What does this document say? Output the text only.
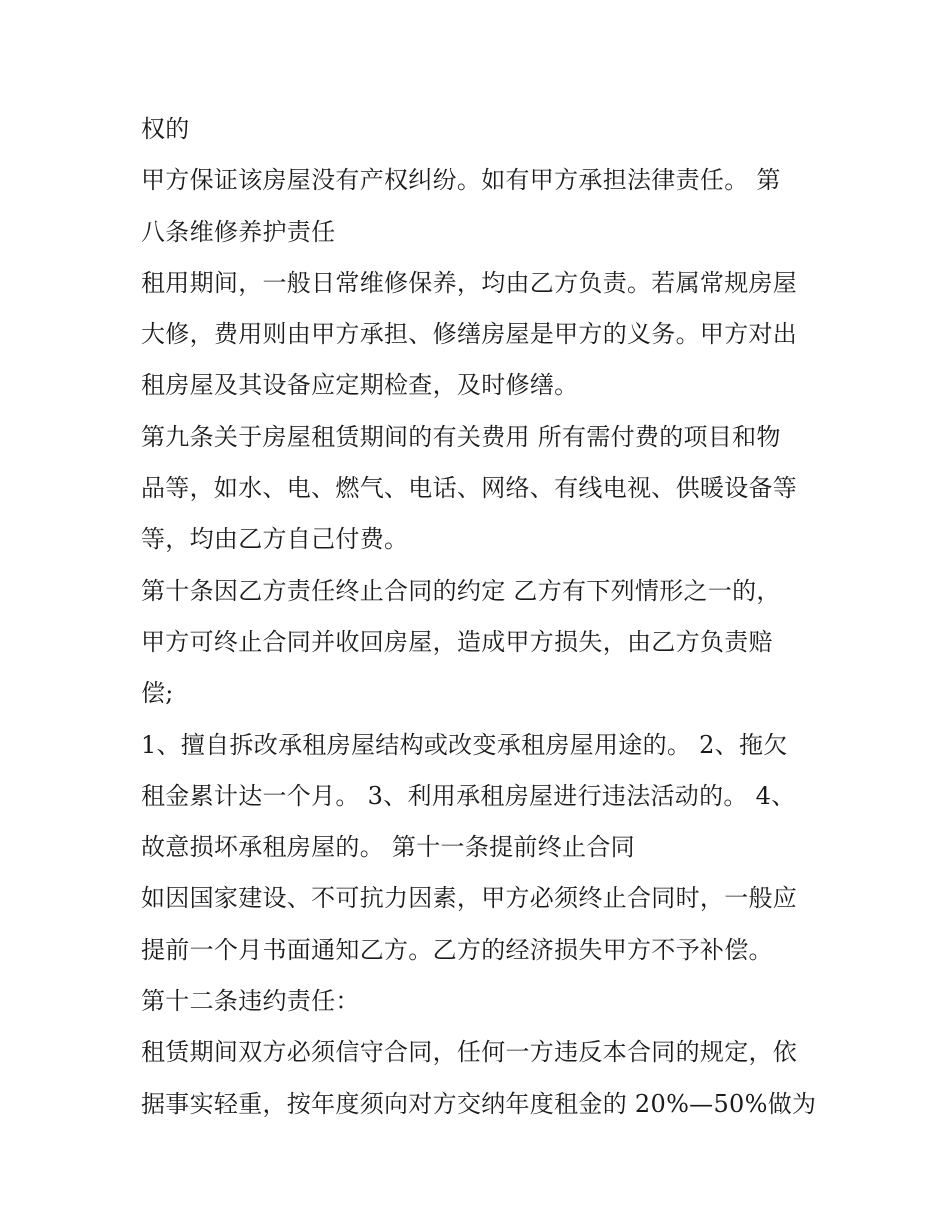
权的
甲方保证该房屋没有产权纠纷。如有甲方承担法律责任。 第
八条维修养护责任
租用期间，一般日常维修保养，均由乙方负责。若属常规房屋
大修，费用则由甲方承担、修缮房屋是甲方的义务。甲方对出
租房屋及其设备应定期检查，及时修缮。
第九条关于房屋租赁期间的有关费用 所有需付费的项目和物
品等，如水、电、燃气、电话、网络、有线电视、供暖设备等
等，均由乙方自己付费。
第十条因乙方责任终止合同的约定 乙方有下列情形之一的，
甲方可终止合同并收回房屋，造成甲方损失，由乙方负责赔
偿;
1、擅自拆改承租房屋结构或改变承租房屋用途的。 2、拖欠
租金累计达一个月。 3、利用承租房屋进行违法活动的。 4、
故意损坏承租房屋的。 第十一条提前终止合同
如因国家建设、不可抗力因素，甲方必须终止合同时，一般应
提前一个月书面通知乙方。乙方的经济损失甲方不予补偿。
第十二条违约责任：
租赁期间双方必须信守合同，任何一方违反本合同的规定，依
据事实轻重，按年度须向对方交纳年度租金的 20%—50%做为
